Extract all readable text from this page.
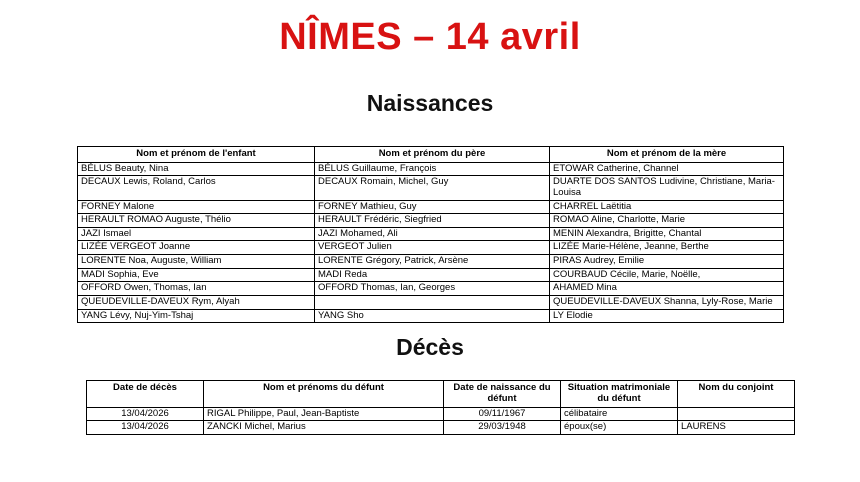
NÎMES – 14 avril
Naissances
Nom et prénom de l'enfant	Nom et prénom du père	Nom et prénom de la mère
BÉLUS Beauty, Nina	BÉLUS Guillaume, François	ETOWAR Catherine, Channel
DECAUX Lewis, Roland, Carlos	DECAUX Romain, Michel, Guy	DUARTE DOS SANTOS Ludivine, Christiane, Maria-Louisa
FORNEY Malone	FORNEY Mathieu, Guy	CHARREL Laëtitia
HERAULT ROMAO Auguste, Thélio	HERAULT Frédéric, Siegfried	ROMAO Aline, Charlotte, Marie
JAZI Ismael	JAZI Mohamed, Ali	MENIN Alexandra, Brigitte, Chantal
LIZÉE VERGEOT Joanne	VERGEOT Julien	LIZÉE Marie-Hélène, Jeanne, Berthe
LORENTE Noa, Auguste, William	LORENTE Grégory, Patrick, Arsène	PIRAS Audrey, Emilie
MADI Sophia, Eve	MADI Reda	COURBAUD Cécile, Marie, Noëlle,
OFFORD Owen, Thomas, Ian	OFFORD Thomas, Ian, Georges	AHAMED Mina
QUEUDEVILLE-DAVEUX Rym, Alyah		QUEUDEVILLE-DAVEUX Shanna, Lyly-Rose, Marie
YANG Lévy, Nuj-Yim-Tshaj	YANG Sho	LY Elodie
Décès
Date de décès	Nom et prénoms du défunt	Date de naissance du défunt	Situation matrimoniale du défunt	Nom du conjoint
13/04/2026	RIGAL Philippe, Paul, Jean-Baptiste	09/11/1967	célibataire	
13/04/2026	ZANCKI Michel, Marius	29/03/1948	époux(se)	LAURENS
